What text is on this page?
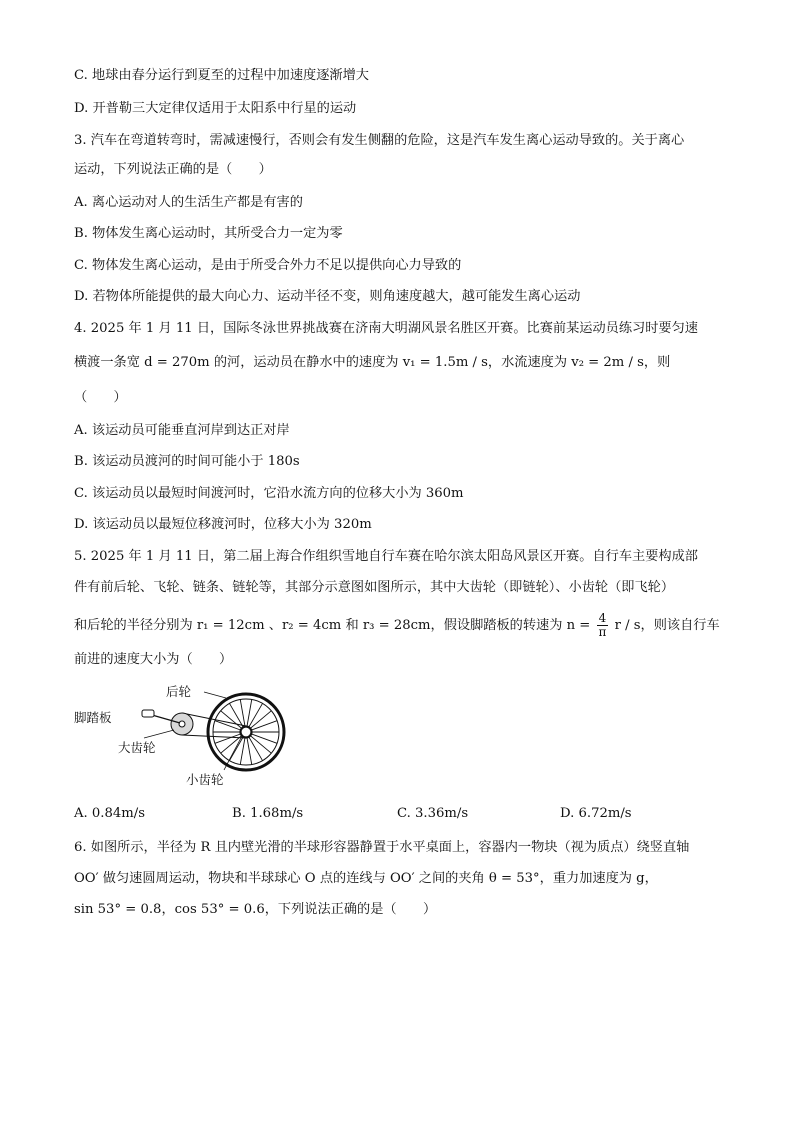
C. 地球由春分运行到夏至的过程中加速度逐渐增大
D. 开普勒三大定律仅适用于太阳系中行星的运动
3. 汽车在弯道转弯时，需减速慢行，否则会有发生侧翻的危险，这是汽车发生离心运动导致的。关于离心
运动，下列说法正确的是（　　）
A. 离心运动对人的生活生产都是有害的
B. 物体发生离心运动时，其所受合力一定为零
C. 物体发生离心运动，是由于所受合外力不足以提供向心力导致的
D. 若物体所能提供的最大向心力、运动半径不变，则角速度越大，越可能发生离心运动
4. 2025 年 1 月 11 日，国际冬泳世界挑战赛在济南大明湖风景名胜区开赛。比赛前某运动员练习时要匀速
横渡一条宽 d = 270m 的河，运动员在静水中的速度为 v₁ = 1.5m / s，水流速度为 v₂ = 2m / s，则
（　　）
A. 该运动员可能垂直河岸到达正对岸
B. 该运动员渡河的时间可能小于 180s
C. 该运动员以最短时间渡河时，它沿水流方向的位移大小为 360m
D. 该运动员以最短位移渡河时，位移大小为 320m
5. 2025 年 1 月 11 日，第二届上海合作组织雪地自行车赛在哈尔滨太阳岛风景区开赛。自行车主要构成部
件有前后轮、飞轮、链条、链轮等，其部分示意图如图所示，其中大齿轮（即链轮）、小齿轮（即飞轮）
和后轮的半径分别为 r₁ = 12cm 、r₂ = 4cm 和 r₃ = 28cm，假设脚踏板的转速为 $n = \frac{4}{\pi}$ r / s，则该自行车
前进的速度大小为（　　）
后轮
脚踏板
大齿轮
小齿轮
A. 0.84m/s	B. 1.68m/s	C. 3.36m/s	D. 6.72m/s
6. 如图所示，半径为 R 且内壁光滑的半球形容器静置于水平桌面上，容器内一物块（视为质点）绕竖直轴
OO′ 做匀速圆周运动，物块和半球球心 O 点的连线与 OO′ 之间的夹角 θ = 53°，重力加速度为 g，
sin 53° = 0.8，cos 53° = 0.6，下列说法正确的是（　　）
